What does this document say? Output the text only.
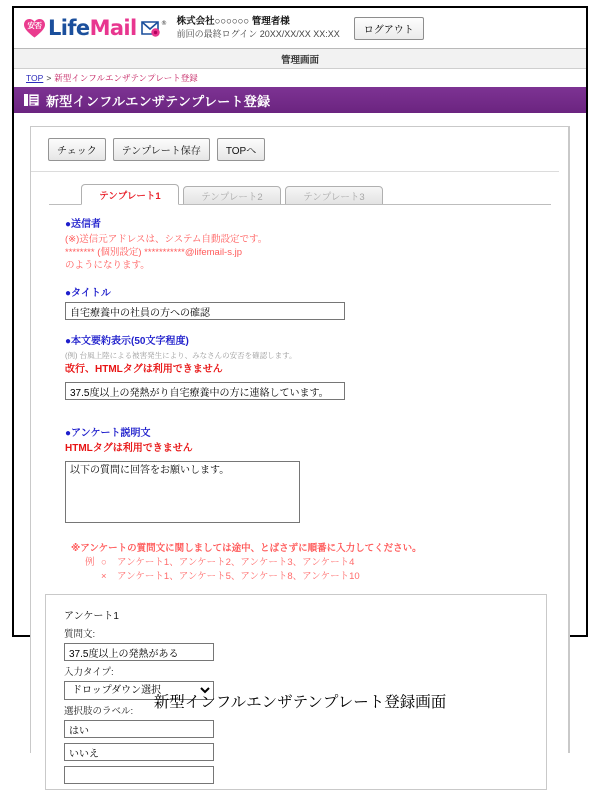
安否 LifeMail	® 株式会社○○○○○○ 管理者様
前回の最終ログイン 20XX/XX/XX XX:XX	ログアウト
管理画面
TOP > 新型インフルエンザテンプレート登録
新型インフルエンザテンプレート登録
チェック	テンプレート保存	TOPへ
テンプレート1	テンプレート2	テンプレート3
●送信者
(※)送信元アドレスは、システム自動設定です。
******** (個別設定) ***********@lifemail-s.jp
のようになります。
●タイトル
自宅療養中の社員の方への確認
●本文要約表示(50文字程度)
(例) 台風上陸による被害発生により、みなさんの安否を確認します。
改行、HTMLタグは利用できません
37.5度以上の発熱がり自宅療養中の方に連絡しています。
●アンケート説明文
HTMLタグは利用できません
以下の質問に回答をお願いします。
※アンケートの質問文に関しましては途中、とばさずに順番に入力してください。
例 ○ アンケート1、アンケート2、アンケート3、アンケート4
× アンケート1、アンケート5、アンケート8、アンケート10
アンケート1
質問文:
37.5度以上の発熱がある
入力タイプ:
ドロップダウン選択
選択肢のラベル:
はい
いいえ
新型インフルエンザテンプレート登録画面
